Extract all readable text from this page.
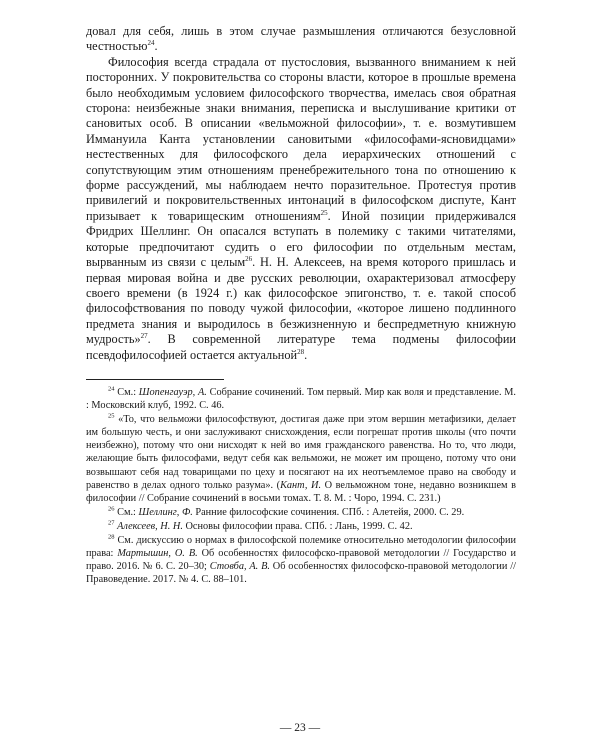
довал для себя, лишь в этом случае размышления отличаются безусловной честностью$^{24}$.

Философия всегда страдала от пустословия, вызванного вниманием к ней посторонних. У покровительства со стороны власти, которое в прошлые времена было необходимым условием философского творчества, имелась своя обратная сторона: неизбежные знаки внимания, переписка и выслушивание критики от сановитых особ. В описании «вельможной философии», т. е. возмутившем Иммануила Канта установлении сановитыми «философами-ясновидцами» нестественных для философского дела иерархических отношений с сопутствующим этим отношениям пренебрежительного тона по отношению к форме рассуждений, мы наблюдаем нечто поразительное. Протестуя против привилегий и покровительственных интонаций в философском диспуте, Кант призывает к товарищеским отношениям$^{25}$. Иной позиции придерживался Фридрих Шеллинг. Он опасался вступать в полемику с такими читателями, которые предпочитают судить о его философии по отдельным местам, вырванным из связи с целым$^{26}$. Н. Н. Алексеев, на время которого пришлась и первая мировая война и две русских революции, охарактеризовал атмосферу своего времени (в 1924 г.) как философское эпигонство, т. е. такой способ философствования по поводу чужой философии, «которое лишено подлинного предмета знания и выродилось в безжизненную и беспредметную книжную мудрость»$^{27}$. В современной литературе тема подмены философии псевдофилософией остается актуальной$^{28}$.

$^{24}$ См.: Шопенгауэр, А. Собрание сочинений. Том первый. Мир как воля и представление. М. : Московский клуб, 1992. С. 46.

$^{25}$ «То, что вельможи философствуют, достигая даже при этом вершин метафизики, делает им большую честь, и они заслуживают снисхождения, если погрешат против школы (что почти неизбежно), потому что они нисходят к ней во имя гражданского равенства. Но то, что люди, желающие быть философами, ведут себя как вельможи, не может им прощено, потому что они возвышают себя над товарищами по цеху и посягают на их неотъемлемое право на свободу и равенство в делах одного только разума». (Кант, И. О вельможном тоне, недавно возникшем в философии // Собрание сочинений в восьми томах. Т. 8. М. : Чоро, 1994. С. 231.)

$^{26}$ См.: Шеллинг, Ф. Ранние философские сочинения. СПб. : Алетейя, 2000. С. 29.

$^{27}$ Алексеев, Н. Н. Основы философии права. СПб. : Лань, 1999. С. 42.

$^{28}$ См. дискуссию о нормах в философской полемике относительно методологии философии права: Мартышин, О. В. Об особенностях философско-правовой методологии // Государство и право. 2016. № 6. С. 20–30; Стовба, А. В. Об особенностях философско-правовой методологии // Правоведение. 2017. № 4. С. 88–101.

— 23 —
